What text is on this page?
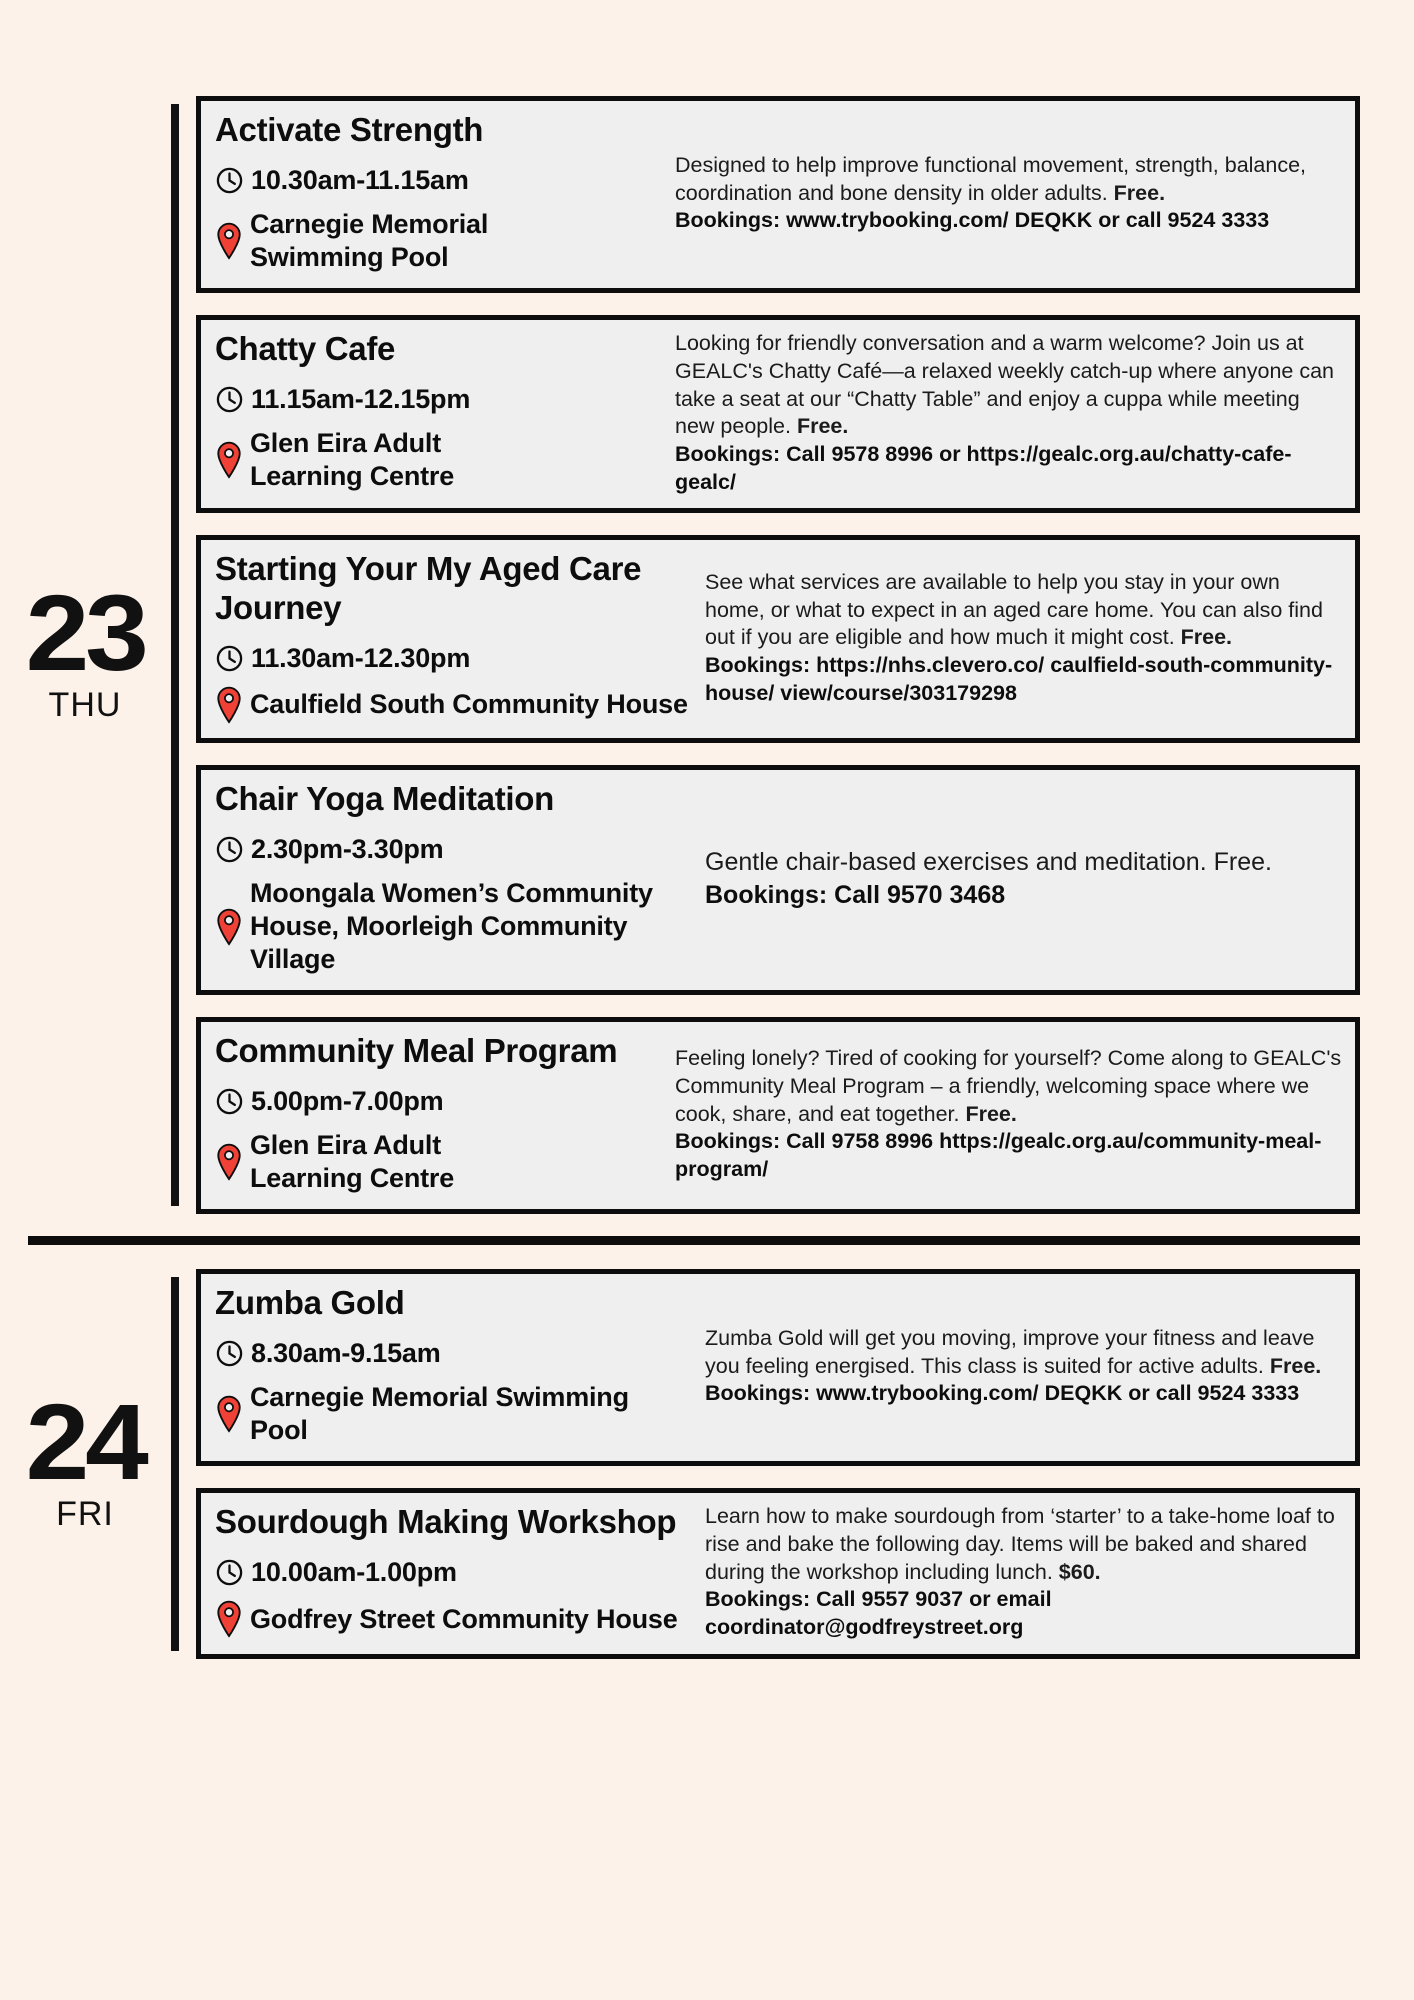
23
THU
Activate Strength
10.30am-11.15am
Carnegie Memorial Swimming Pool
Designed to help improve functional movement, strength, balance, coordination and bone density in older adults. Free.
Bookings: www.trybooking.com/ DEQKK or call 9524 3333
Chatty Cafe
11.15am-12.15pm
Glen Eira Adult Learning Centre
Looking for friendly conversation and a warm welcome? Join us at GEALC's Chatty Café—a relaxed weekly catch-up where anyone can take a seat at our “Chatty Table” and enjoy a cuppa while meeting new people. Free.
Bookings: Call 9578 8996 or https://gealc.org.au/chatty-cafe-gealc/
Starting Your My Aged Care Journey
11.30am-12.30pm
Caulfield South Community House
See what services are available to help you stay in your own home, or what to expect in an aged care home. You can also find out if you are eligible and how much it might cost. Free.
Bookings: https://nhs.clevero.co/ caulfield-south-community-house/ view/course/303179298
Chair Yoga Meditation
2.30pm-3.30pm
Moongala Women’s Community House, Moorleigh Community Village
Gentle chair-based exercises and meditation. Free.
Bookings: Call 9570 3468
Community Meal Program
5.00pm-7.00pm
Glen Eira Adult Learning Centre
Feeling lonely? Tired of cooking for yourself? Come along to GEALC's Community Meal Program – a friendly, welcoming space where we cook, share, and eat together. Free.
Bookings: Call 9758 8996 https://gealc.org.au/community-meal-program/
24
FRI
Zumba Gold
8.30am-9.15am
Carnegie Memorial Swimming Pool
Zumba Gold will get you moving, improve your fitness and leave you feeling energised. This class is suited for active adults. Free.
Bookings: www.trybooking.com/ DEQKK or call 9524 3333
Sourdough Making Workshop
10.00am-1.00pm
Godfrey Street Community House
Learn how to make sourdough from ‘starter’ to a take-home loaf to rise and bake the following day. Items will be baked and shared during the workshop including lunch. $60.
Bookings: Call 9557 9037 or email coordinator@godfreystreet.org
